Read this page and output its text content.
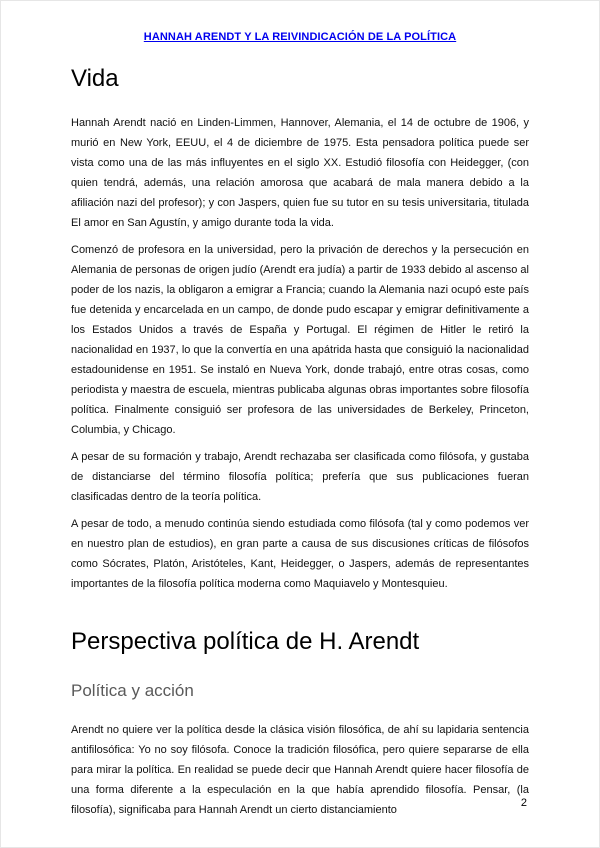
HANNAH ARENDT Y LA REIVINDICACIÓN DE LA POLÍTICA
Vida

Hannah Arendt nació en Linden-Limmen, Hannover, Alemania, el 14 de octubre de 1906, y murió en New York, EEUU, el 4 de diciembre de 1975. Esta pensadora política puede ser vista como una de las más influyentes en el siglo XX. Estudió filosofía con Heidegger, (con quien tendrá, además, una relación amorosa que acabará de mala manera debido a la afiliación nazi del profesor); y con Jaspers, quien fue su tutor en su tesis universitaria, titulada El amor en San Agustín, y amigo durante toda la vida.

Comenzó de profesora en la universidad, pero la privación de derechos y la persecución en Alemania de personas de origen judío (Arendt era judía) a partir de 1933 debido al ascenso al poder de los nazis, la obligaron a emigrar a Francia; cuando la Alemania nazi ocupó este país fue detenida y encarcelada en un campo, de donde pudo escapar y emigrar definitivamente a los Estados Unidos a través de España y Portugal. El régimen de Hitler le retiró la nacionalidad en 1937, lo que la convertía en una apátrida hasta que consiguió la nacionalidad estadounidense en 1951. Se instaló en Nueva York, donde trabajó, entre otras cosas, como periodista y maestra de escuela, mientras publicaba algunas obras importantes sobre filosofía política. Finalmente consiguió ser profesora de las universidades de Berkeley, Princeton, Columbia, y Chicago.

A pesar de su formación y trabajo, Arendt rechazaba ser clasificada como filósofa, y gustaba de distanciarse del término filosofía política; prefería que sus publicaciones fueran clasificadas dentro de la teoría política.

A pesar de todo, a menudo continúa siendo estudiada como filósofa (tal y como podemos ver en nuestro plan de estudios), en gran parte a causa de sus discusiones críticas de filósofos como Sócrates, Platón, Aristóteles, Kant, Heidegger, o Jaspers, además de representantes importantes de la filosofía política moderna como Maquiavelo y Montesquieu.

Perspectiva política de H. Arendt
Política y acción

Arendt no quiere ver la política desde la clásica visión filosófica, de ahí su lapidaria sentencia antifilosófica: Yo no soy filósofa. Conoce la tradición filosófica, pero quiere separarse de ella para mirar la política. En realidad se puede decir que Hannah Arendt quiere hacer filosofía de una forma diferente a la especulación en la que había aprendido filosofía. Pensar, (la filosofía), significaba para Hannah Arendt un cierto distanciamiento

2
